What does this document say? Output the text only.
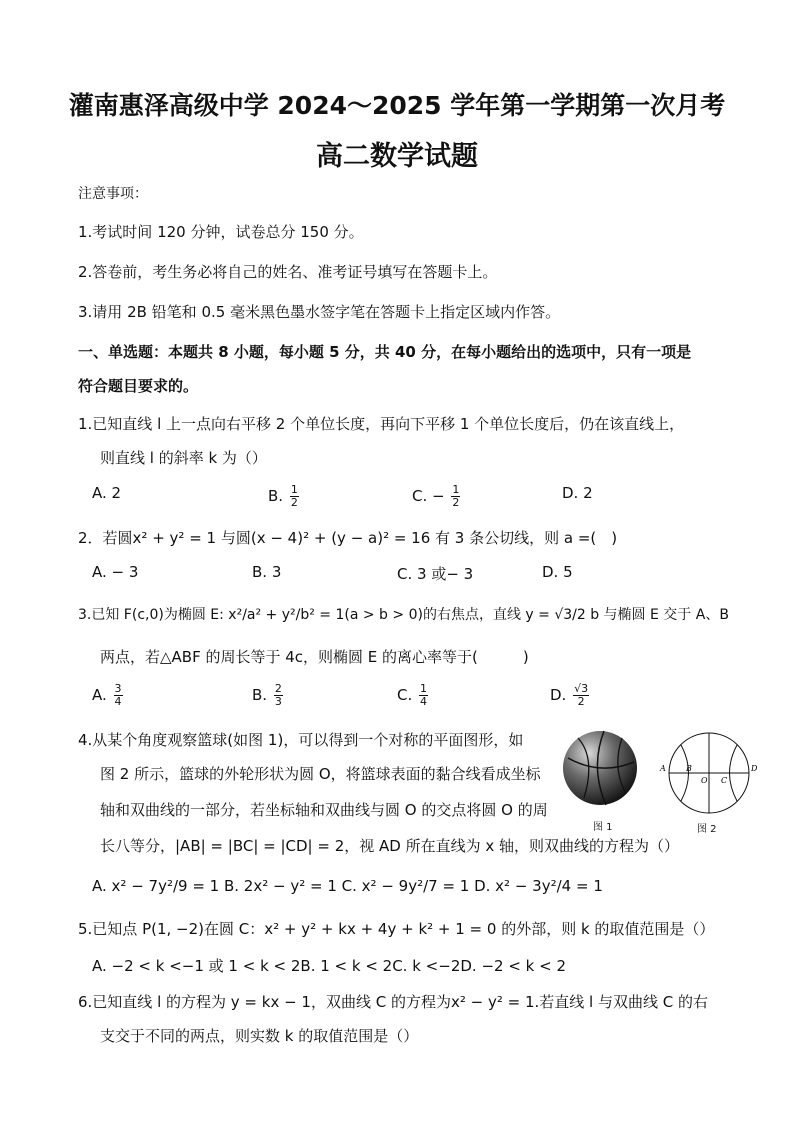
灌南惠泽高级中学 2024～2025 学年第一学期第一次月考
高二数学试题
注意事项：
1.考试时间 120 分钟，试卷总分 150 分。
2.答卷前，考生务必将自己的姓名、准考证号填写在答题卡上。
3.请用 2B 铅笔和 0.5 毫米黑色墨水签字笔在答题卡上指定区域内作答。
一、单选题：本题共 8 小题，每小题 5 分，共 40 分，在每小题给出的选项中，只有一项是
符合题目要求的。
1.已知直线 l 上一点向右平移 2 个单位长度，再向下平移 1 个单位长度后，仍在该直线上，
则直线 l 的斜率 k 为（）
A. 2	B. $\frac{1}{2}$	C. − $\frac{1}{2}$	D. 2
2．若圆x² + y² = 1 与圆(x − 4)² + (y − a)² = 16 有 3 条公切线，则 a =(　)
A. − 3	B. 3	C. 3 或− 3	D. 5
3.已知 F(c,0)为椭圆 E: x²/a² + y²/b² = 1(a > b > 0)的右焦点，直线 y = √3/2 b 与椭圆 E 交于 A、B
两点，若△ABF 的周长等于 4c，则椭圆 E 的离心率等于(　　　)
A. $\frac{3}{4}$	B. $\frac{2}{3}$	C. $\frac{1}{4}$	D. $\frac{√3}{2}$
4.从某个角度观察篮球(如图 1)，可以得到一个对称的平面图形，如
图 2 所示，篮球的外轮形状为圆 O，将篮球表面的黏合线看成坐标
轴和双曲线的一部分，若坐标轴和双曲线与圆 O 的交点将圆 O 的周
长八等分，|AB| = |BC| = |CD| = 2，视 AD 所在直线为 x 轴，则双曲线的方程为（）
A. x² − 7y²/9 = 1 B. 2x² − y² = 1 C. x² − 9y²/7 = 1 D. x² − 3y²/4 = 1
图 1
A	B
O C
D
图 2
5.已知点 P(1, −2)在圆 C：x² + y² + kx + 4y + k² + 1 = 0 的外部，则 k 的取值范围是（）
A. −2 < k <−1 或 1 < k < 2B. 1 < k < 2C. k <−2D. −2 < k < 2
6.已知直线 l 的方程为 y = kx − 1，双曲线 C 的方程为x² − y² = 1.若直线 l 与双曲线 C 的右
支交于不同的两点，则实数 k 的取值范围是（）
